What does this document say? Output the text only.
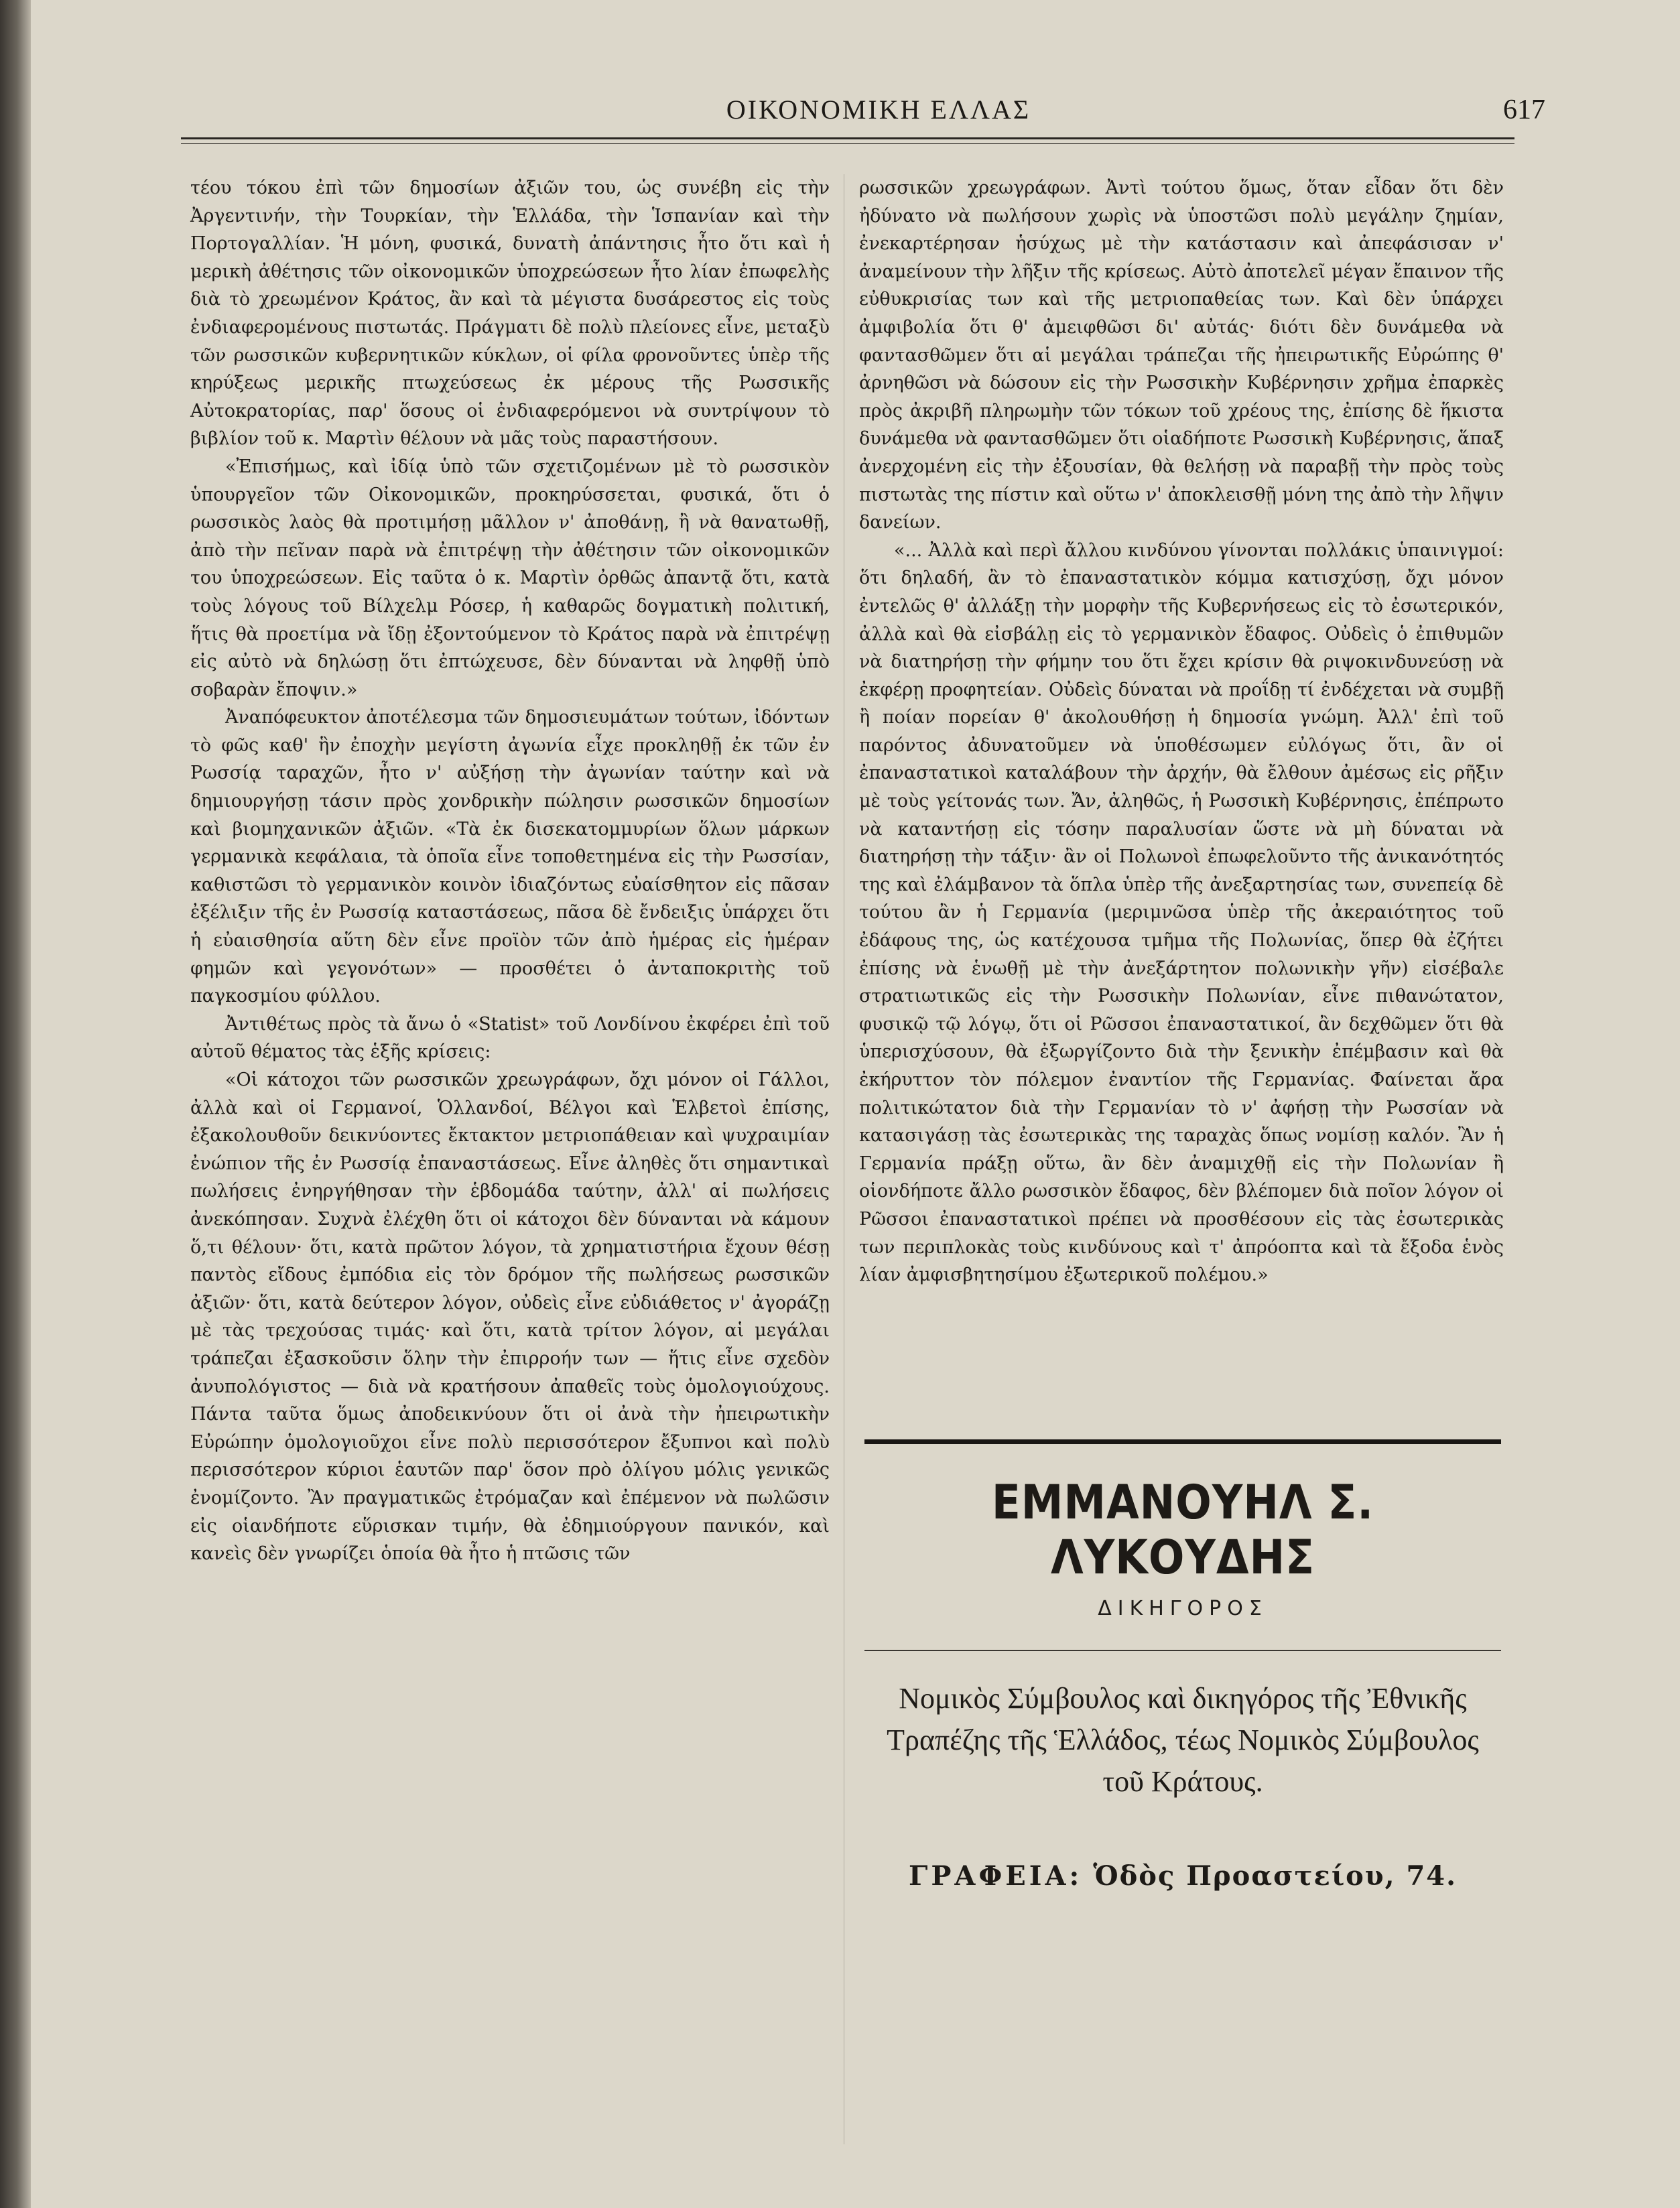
ΟΙΚΟΝΟΜΙΚΗ ΕΛΛΑΣ	617

τέου τόκου ἐπὶ τῶν δημοσίων ἀξιῶν του, ὡς συνέβη εἰς τὴν Ἀργεντινήν, τὴν Τουρκίαν, τὴν Ἑλλάδα, τὴν Ἱσπανίαν καὶ τὴν Πορτογαλλίαν. Ἡ μόνη, φυσικά, δυνατὴ ἀπάντησις ἦτο ὅτι καὶ ἡ μερικὴ ἀθέτησις τῶν οἰκονομικῶν ὑποχρεώσεων ἦτο λίαν ἐπωφελὴς διὰ τὸ χρεωμένον Κράτος, ἂν καὶ τὰ μέγιστα δυσάρεστος εἰς τοὺς ἐνδιαφερομένους πιστωτάς. Πράγματι δὲ πολὺ πλείονες εἶνε, μεταξὺ τῶν ρωσσικῶν κυβερνητικῶν κύκλων, οἱ φίλα φρονοῦντες ὑπὲρ τῆς κηρύξεως μερικῆς πτωχεύσεως ἐκ μέρους τῆς Ρωσσικῆς Αὐτοκρατορίας, παρ' ὅσους οἱ ἐνδιαφερόμενοι νὰ συντρίψουν τὸ βιβλίον τοῦ κ. Μαρτὶν θέλουν νὰ μᾶς τοὺς παραστήσουν.

«Ἐπισήμως, καὶ ἰδίᾳ ὑπὸ τῶν σχετιζομένων μὲ τὸ ρωσσικὸν ὑπουργεῖον τῶν Οἰκονομικῶν, προκηρύσσεται, φυσικά, ὅτι ὁ ρωσσικὸς λαὸς θὰ προτιμήσῃ μᾶλλον ν' ἀποθάνῃ, ἢ νὰ θανατωθῇ, ἀπὸ τὴν πεῖναν παρὰ νὰ ἐπιτρέψῃ τὴν ἀθέτησιν τῶν οἰκονομικῶν του ὑποχρεώσεων. Εἰς ταῦτα ὁ κ. Μαρτὶν ὀρθῶς ἀπαντᾷ ὅτι, κατὰ τοὺς λόγους τοῦ Βίλχελμ Ρόσερ, ἡ καθαρῶς δογματικὴ πολιτική, ἥτις θὰ προετίμα νὰ ἴδῃ ἐξοντούμενον τὸ Κράτος παρὰ νὰ ἐπιτρέψῃ εἰς αὐτὸ νὰ δηλώσῃ ὅτι ἐπτώχευσε, δὲν δύνανται νὰ ληφθῇ ὑπὸ σοβαρὰν ἔποψιν.»

Ἀναπόφευκτον ἀποτέλεσμα τῶν δημοσιευμάτων τούτων, ἰδόντων τὸ φῶς καθ' ἣν ἐποχὴν μεγίστη ἀγωνία εἶχε προκληθῇ ἐκ τῶν ἐν Ρωσσίᾳ ταραχῶν, ἦτο ν' αὐξήσῃ τὴν ἀγωνίαν ταύτην καὶ νὰ δημιουργήσῃ τάσιν πρὸς χονδρικὴν πώλησιν ρωσσικῶν δημοσίων καὶ βιομηχανικῶν ἀξιῶν. «Τὰ ἐκ δισεκατομμυρίων ὅλων μάρκων γερμανικὰ κεφάλαια, τὰ ὁποῖα εἶνε τοποθετημένα εἰς τὴν Ρωσσίαν, καθιστῶσι τὸ γερμανικὸν κοινὸν ἰδιαζόντως εὐαίσθητον εἰς πᾶσαν ἐξέλιξιν τῆς ἐν Ρωσσίᾳ καταστάσεως, πᾶσα δὲ ἔνδειξις ὑπάρχει ὅτι ἡ εὐαισθησία αὕτη δὲν εἶνε προϊὸν τῶν ἀπὸ ἡμέρας εἰς ἡμέραν φημῶν καὶ γεγονότων» — προσθέτει ὁ ἀνταποκριτὴς τοῦ παγκοσμίου φύλλου.

Ἀντιθέτως πρὸς τὰ ἄνω ὁ «Statist» τοῦ Λονδίνου ἐκφέρει ἐπὶ τοῦ αὐτοῦ θέματος τὰς ἑξῆς κρίσεις:

«Οἱ κάτοχοι τῶν ρωσσικῶν χρεωγράφων, ὄχι μόνον οἱ Γάλλοι, ἀλλὰ καὶ οἱ Γερμανοί, Ὁλλανδοί, Βέλγοι καὶ Ἑλβετοὶ ἐπίσης, ἐξακολουθοῦν δεικνύοντες ἔκτακτον μετριοπάθειαν καὶ ψυχραιμίαν ἐνώπιον τῆς ἐν Ρωσσίᾳ ἐπαναστάσεως. Εἶνε ἀληθὲς ὅτι σημαντικαὶ πωλήσεις ἐνηργήθησαν τὴν ἑβδομάδα ταύτην, ἀλλ' αἱ πωλήσεις ἀνεκόπησαν. Συχνὰ ἐλέχθη ὅτι οἱ κάτοχοι δὲν δύνανται νὰ κάμουν ὅ,τι θέλουν· ὅτι, κατὰ πρῶτον λόγον, τὰ χρηματιστήρια ἔχουν θέσῃ παντὸς εἴδους ἐμπόδια εἰς τὸν δρόμον τῆς πωλήσεως ρωσσικῶν ἀξιῶν· ὅτι, κατὰ δεύτερον λόγον, οὐδεὶς εἶνε εὐδιάθετος ν' ἀγοράζῃ μὲ τὰς τρεχούσας τιμάς· καὶ ὅτι, κατὰ τρίτον λόγον, αἱ μεγάλαι τράπεζαι ἐξασκοῦσιν ὅλην τὴν ἐπιρροήν των — ἥτις εἶνε σχεδὸν ἀνυπολόγιστος — διὰ νὰ κρατήσουν ἀπαθεῖς τοὺς ὁμολογιούχους. Πάντα ταῦτα ὅμως ἀποδεικνύουν ὅτι οἱ ἀνὰ τὴν ἠπειρωτικὴν Εὐρώπην ὁμολογιοῦχοι εἶνε πολὺ περισσότερον ἔξυπνοι καὶ πολὺ περισσότερον κύριοι ἑαυτῶν παρ' ὅσον πρὸ ὀλίγου μόλις γενικῶς ἐνομίζοντο. Ἂν πραγματικῶς ἐτρόμαζαν καὶ ἐπέμενον νὰ πωλῶσιν εἰς οἱανδήποτε εὕρισκαν τιμήν, θὰ ἐδημιούργουν πανικόν, καὶ κανεὶς δὲν γνωρίζει ὁποία θὰ ἦτο ἡ πτῶσις τῶν

ρωσσικῶν χρεωγράφων. Ἀντὶ τούτου ὅμως, ὅταν εἶδαν ὅτι δὲν ἠδύνατο νὰ πωλήσουν χωρὶς νὰ ὑποστῶσι πολὺ μεγάλην ζημίαν, ἐνεκαρτέρησαν ἡσύχως μὲ τὴν κατάστασιν καὶ ἀπεφάσισαν ν' ἀναμείνουν τὴν λῆξιν τῆς κρίσεως. Αὐτὸ ἀποτελεῖ μέγαν ἔπαινον τῆς εὐθυκρισίας των καὶ τῆς μετριοπαθείας των. Καὶ δὲν ὑπάρχει ἀμφιβολία ὅτι θ' ἀμειφθῶσι δι' αὐτάς· διότι δὲν δυνάμεθα νὰ φαντασθῶμεν ὅτι αἱ μεγάλαι τράπεζαι τῆς ἠπειρωτικῆς Εὐρώπης θ' ἀρνηθῶσι νὰ δώσουν εἰς τὴν Ρωσσικὴν Κυβέρνησιν χρῆμα ἐπαρκὲς πρὸς ἀκριβῆ πληρωμὴν τῶν τόκων τοῦ χρέους της, ἐπίσης δὲ ἥκιστα δυνάμεθα νὰ φαντασθῶμεν ὅτι οἱαδήποτε Ρωσσικὴ Κυβέρνησις, ἅπαξ ἀνερχομένη εἰς τὴν ἐξουσίαν, θὰ θελήσῃ νὰ παραβῇ τὴν πρὸς τοὺς πιστωτὰς της πίστιν καὶ οὕτω ν' ἀποκλεισθῇ μόνη της ἀπὸ τὴν λῆψιν δανείων.

«... Ἀλλὰ καὶ περὶ ἄλλου κινδύνου γίνονται πολλάκις ὑπαινιγμοί: ὅτι δηλαδή, ἂν τὸ ἐπαναστατικὸν κόμμα κατισχύσῃ, ὄχι μόνον ἐντελῶς θ' ἀλλάξῃ τὴν μορφὴν τῆς Κυβερνήσεως εἰς τὸ ἐσωτερικόν, ἀλλὰ καὶ θὰ εἰσβάλῃ εἰς τὸ γερμανικὸν ἔδαφος. Οὐδεὶς ὁ ἐπιθυμῶν νὰ διατηρήσῃ τὴν φήμην του ὅτι ἔχει κρίσιν θὰ ριψοκινδυνεύσῃ νὰ ἐκφέρῃ προφητείαν. Οὐδεὶς δύναται νὰ προΐδῃ τί ἐνδέχεται νὰ συμβῇ ἢ ποίαν πορείαν θ' ἀκολουθήσῃ ἡ δημοσία γνώμη. Ἀλλ' ἐπὶ τοῦ παρόντος ἀδυνατοῦμεν νὰ ὑποθέσωμεν εὐλόγως ὅτι, ἂν οἱ ἐπαναστατικοὶ καταλάβουν τὴν ἀρχήν, θὰ ἔλθουν ἀμέσως εἰς ρῆξιν μὲ τοὺς γείτονάς των. Ἄν, ἀληθῶς, ἡ Ρωσσικὴ Κυβέρνησις, ἐπέπρωτο νὰ καταντήσῃ εἰς τόσην παραλυσίαν ὥστε νὰ μὴ δύναται νὰ διατηρήσῃ τὴν τάξιν· ἂν οἱ Πολωνοὶ ἐπωφελοῦντο τῆς ἀνικανότητός της καὶ ἐλάμβανον τὰ ὅπλα ὑπὲρ τῆς ἀνεξαρτησίας των, συνεπείᾳ δὲ τούτου ἂν ἡ Γερμανία (μεριμνῶσα ὑπὲρ τῆς ἀκεραιότητος τοῦ ἐδάφους της, ὡς κατέχουσα τμῆμα τῆς Πολωνίας, ὅπερ θὰ ἐζήτει ἐπίσης νὰ ἑνωθῇ μὲ τὴν ἀνεξάρτητον πολωνικὴν γῆν) εἰσέβαλε στρατιωτικῶς εἰς τὴν Ρωσσικὴν Πολωνίαν, εἶνε πιθανώτατον, φυσικῷ τῷ λόγῳ, ὅτι οἱ Ρῶσσοι ἐπαναστατικοί, ἂν δεχθῶμεν ὅτι θὰ ὑπερισχύσουν, θὰ ἐξωργίζοντο διὰ τὴν ξενικὴν ἐπέμβασιν καὶ θὰ ἐκήρυττον τὸν πόλεμον ἐναντίον τῆς Γερμανίας. Φαίνεται ἄρα πολιτικώτατον διὰ τὴν Γερμανίαν τὸ ν' ἀφήσῃ τὴν Ρωσσίαν νὰ κατασιγάσῃ τὰς ἐσωτερικὰς της ταραχὰς ὅπως νομίσῃ καλόν. Ἂν ἡ Γερμανία πράξῃ οὕτω, ἂν δὲν ἀναμιχθῇ εἰς τὴν Πολωνίαν ἢ οἱονδήποτε ἄλλο ρωσσικὸν ἔδαφος, δὲν βλέπομεν διὰ ποῖον λόγον οἱ Ρῶσσοι ἐπαναστατικοὶ πρέπει νὰ προσθέσουν εἰς τὰς ἐσωτερικὰς των περιπλοκὰς τοὺς κινδύνους καὶ τ' ἀπρόοπτα καὶ τὰ ἔξοδα ἑνὸς λίαν ἀμφισβητησίμου ἐξωτερικοῦ πολέμου.»

ΕΜΜΑΝΟΥΗΛ Σ. ΛΥΚΟΥΔΗΣ
ΔΙΚΗΓΟΡΟΣ
Νομικὸς Σύμβουλος καὶ δικηγόρος τῆς Ἐθνικῆς Τραπέζης τῆς Ἑλλάδος, τέως Νομικὸς Σύμβουλος τοῦ Κράτους.
ΓΡΑΦΕΙΑ: Ὁδὸς Προαστείου, 74.
